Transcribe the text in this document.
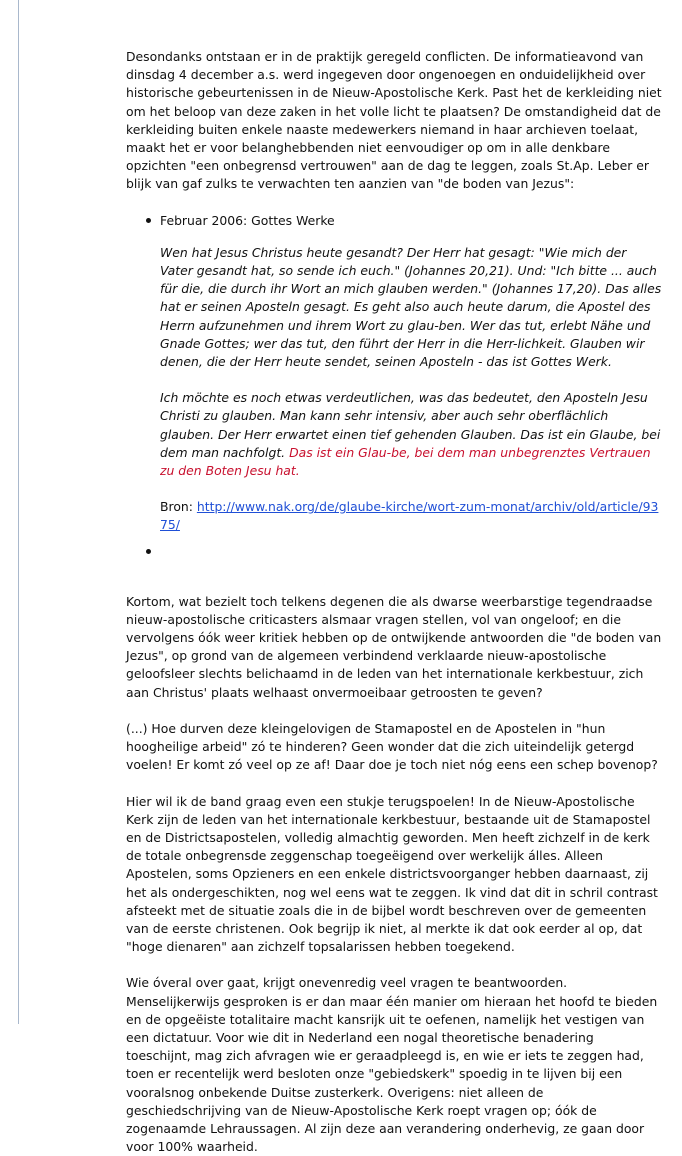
Desondanks ontstaan er in de praktijk geregeld conflicten. De informatieavond van dinsdag 4 december a.s. werd ingegeven door ongenoegen en onduidelijkheid over historische gebeurtenissen in de Nieuw-Apostolische Kerk. Past het de kerkleiding niet om het beloop van deze zaken in het volle licht te plaatsen? De omstandigheid dat de kerkleiding buiten enkele naaste medewerkers niemand in haar archieven toelaat, maakt het er voor belanghebbenden niet eenvoudiger op om in alle denkbare opzichten "een onbegrensd vertrouwen" aan de dag te leggen, zoals St.Ap. Leber er blijk van gaf zulks te verwachten ten aanzien van "de boden van Jezus":

Februar 2006: Gottes Werke
Wen hat Jesus Christus heute gesandt? Der Herr hat gesagt: "Wie mich der Vater gesandt hat, so sende ich euch." (Johannes 20,21). Und: "Ich bitte ... auch für die, die durch ihr Wort an mich glauben werden." (Johannes 17,20). Das alles hat er seinen Aposteln gesagt. Es geht also auch heute darum, die Apostel des Herrn aufzunehmen und ihrem Wort zu glau-ben. Wer das tut, erlebt Nähe und Gnade Gottes; wer das tut, den führt der Herr in die Herr-lichkeit. Glauben wir denen, die der Herr heute sendet, seinen Aposteln - das ist Gottes Werk.
Ich möchte es noch etwas verdeutlichen, was das bedeutet, den Aposteln Jesu Christi zu glauben. Man kann sehr intensiv, aber auch sehr oberflächlich glauben. Der Herr erwartet einen tief gehenden Glauben. Das ist ein Glaube, bei dem man nachfolgt. Das ist ein Glau-be, bei dem man unbegrenztes Vertrauen zu den Boten Jesu hat.
Bron: http://www.nak.org/de/glaube-kirche/wort-zum-monat/archiv/old/article/9375/

Kortom, wat bezielt toch telkens degenen die als dwarse weerbarstige tegendraadse nieuw-apostolische criticasters alsmaar vragen stellen, vol van ongeloof; en die vervolgens óók weer kritiek hebben op de ontwijkende antwoorden die "de boden van Jezus", op grond van de algemeen verbindend verklaarde nieuw-apostolische geloofsleer slechts belichaamd in de leden van het internationale kerkbestuur, zich aan Christus' plaats welhaast onvermoeibaar getroosten te geven?

(...) Hoe durven deze kleingelovigen de Stamapostel en de Apostelen in "hun hoogheilige arbeid" zó te hinderen? Geen wonder dat die zich uiteindelijk getergd voelen! Er komt zó veel op ze af! Daar doe je toch niet nóg eens een schep bovenop?

Hier wil ik de band graag even een stukje terugspoelen! In de Nieuw-Apostolische Kerk zijn de leden van het internationale kerkbestuur, bestaande uit de Stamapostel en de Districtsapostelen, volledig almachtig geworden. Men heeft zichzelf in de kerk de totale onbegrensde zeggenschap toegeëigend over werkelijk álles. Alleen Apostelen, soms Opzieners en een enkele districtsvoorganger hebben daarnaast, zij het als ondergeschikten, nog wel eens wat te zeggen. Ik vind dat dit in schril contrast afsteekt met de situatie zoals die in de bijbel wordt beschreven over de gemeenten van de eerste christenen. Ook begrijp ik niet, al merkte ik dat ook eerder al op, dat "hoge dienaren" aan zichzelf topsalarissen hebben toegekend.

Wie óveral over gaat, krijgt onevenredig veel vragen te beantwoorden. Menselijkerwijs gesproken is er dan maar één manier om hieraan het hoofd te bieden en de opgeëiste totalitaire macht kansrijk uit te oefenen, namelijk het vestigen van een dictatuur. Voor wie dit in Nederland een nogal theoretische benadering toeschijnt, mag zich afvragen wie er geraadpleegd is, en wie er iets te zeggen had, toen er recentelijk werd besloten onze "gebiedskerk" spoedig in te lijven bij een vooralsnog onbekende Duitse zusterkerk. Overigens: niet alleen de geschiedschrijving van de Nieuw-Apostolische Kerk roept vragen op; óók de zogenaamde Lehraussagen. Al zijn deze aan verandering onderhevig, ze gaan door voor 100% waarheid.
